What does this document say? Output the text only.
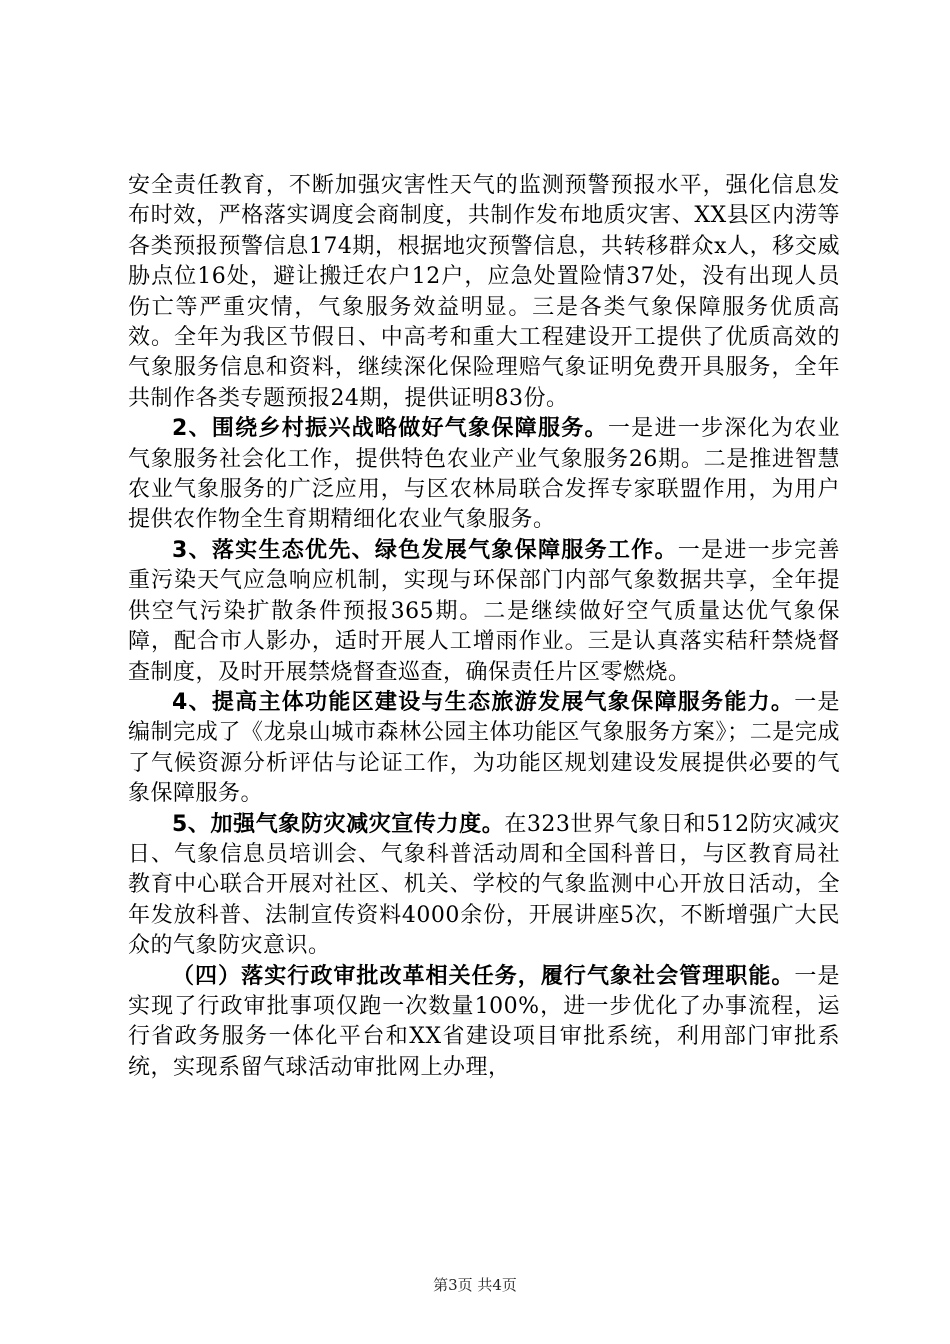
安全责任教育，不断加强灾害性天气的监测预警预报水平，强化信息发布时效，严格落实调度会商制度，共制作发布地质灾害、XX县区内涝等各类预报预警信息174期，根据地灾预警信息，共转移群众x人，移交威胁点位16处，避让搬迁农户12户，应急处置险情37处，没有出现人员伤亡等严重灾情，气象服务效益明显。三是各类气象保障服务优质高效。全年为我区节假日、中高考和重大工程建设开工提供了优质高效的气象服务信息和资料，继续深化保险理赔气象证明免费开具服务，全年共制作各类专题预报24期，提供证明83份。

2、围绕乡村振兴战略做好气象保障服务。一是进一步深化为农业气象服务社会化工作，提供特色农业产业气象服务26期。二是推进智慧农业气象服务的广泛应用，与区农林局联合发挥专家联盟作用，为用户提供农作物全生育期精细化农业气象服务。

3、落实生态优先、绿色发展气象保障服务工作。一是进一步完善重污染天气应急响应机制，实现与环保部门内部气象数据共享，全年提供空气污染扩散条件预报365期。二是继续做好空气质量达优气象保障，配合市人影办，适时开展人工增雨作业。三是认真落实秸秆禁烧督查制度，及时开展禁烧督查巡查，确保责任片区零燃烧。

4、提高主体功能区建设与生态旅游发展气象保障服务能力。一是编制完成了《龙泉山城市森林公园主体功能区气象服务方案》；二是完成了气候资源分析评估与论证工作，为功能区规划建设发展提供必要的气象保障服务。

5、加强气象防灾减灾宣传力度。在323世界气象日和512防灾减灾日、气象信息员培训会、气象科普活动周和全国科普日，与区教育局社教育中心联合开展对社区、机关、学校的气象监测中心开放日活动，全年发放科普、法制宣传资料4000余份，开展讲座5次，不断增强广大民众的气象防灾意识。

（四）落实行政审批改革相关任务，履行气象社会管理职能。一是实现了行政审批事项仅跑一次数量100%，进一步优化了办事流程，运行省政务服务一体化平台和XX省建设项目审批系统，利用部门审批系统，实现系留气球活动审批网上办理，

第3页 共4页
